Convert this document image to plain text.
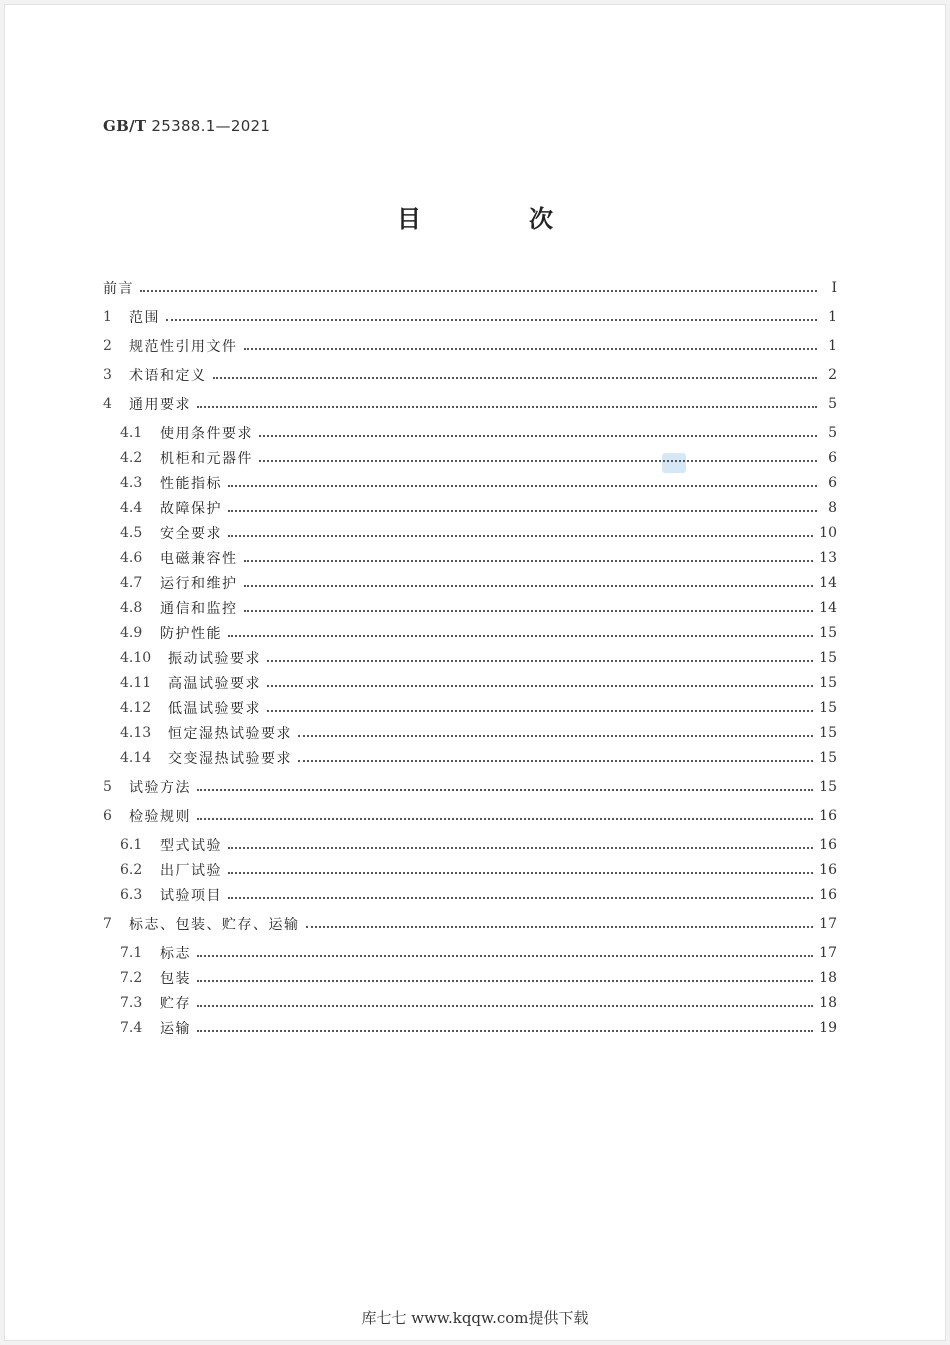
GB/T 25388.1—2021
目　次
前言	I
1	范围	1
2	规范性引用文件	1
3	术语和定义	2
4	通用要求	5
4.1	使用条件要求	5
4.2	机柜和元器件	6
4.3	性能指标	6
4.4	故障保护	8
4.5	安全要求	10
4.6	电磁兼容性	13
4.7	运行和维护	14
4.8	通信和监控	14
4.9	防护性能	15
4.10	振动试验要求	15
4.11	高温试验要求	15
4.12	低温试验要求	15
4.13	恒定湿热试验要求	15
4.14	交变湿热试验要求	15
5	试验方法	15
6	检验规则	16
6.1	型式试验	16
6.2	出厂试验	16
6.3	试验项目	16
7	标志、包装、贮存、运输	17
7.1	标志	17
7.2	包装	18
7.3	贮存	18
7.4	运输	19
库七七 www.kqqw.com提供下载
